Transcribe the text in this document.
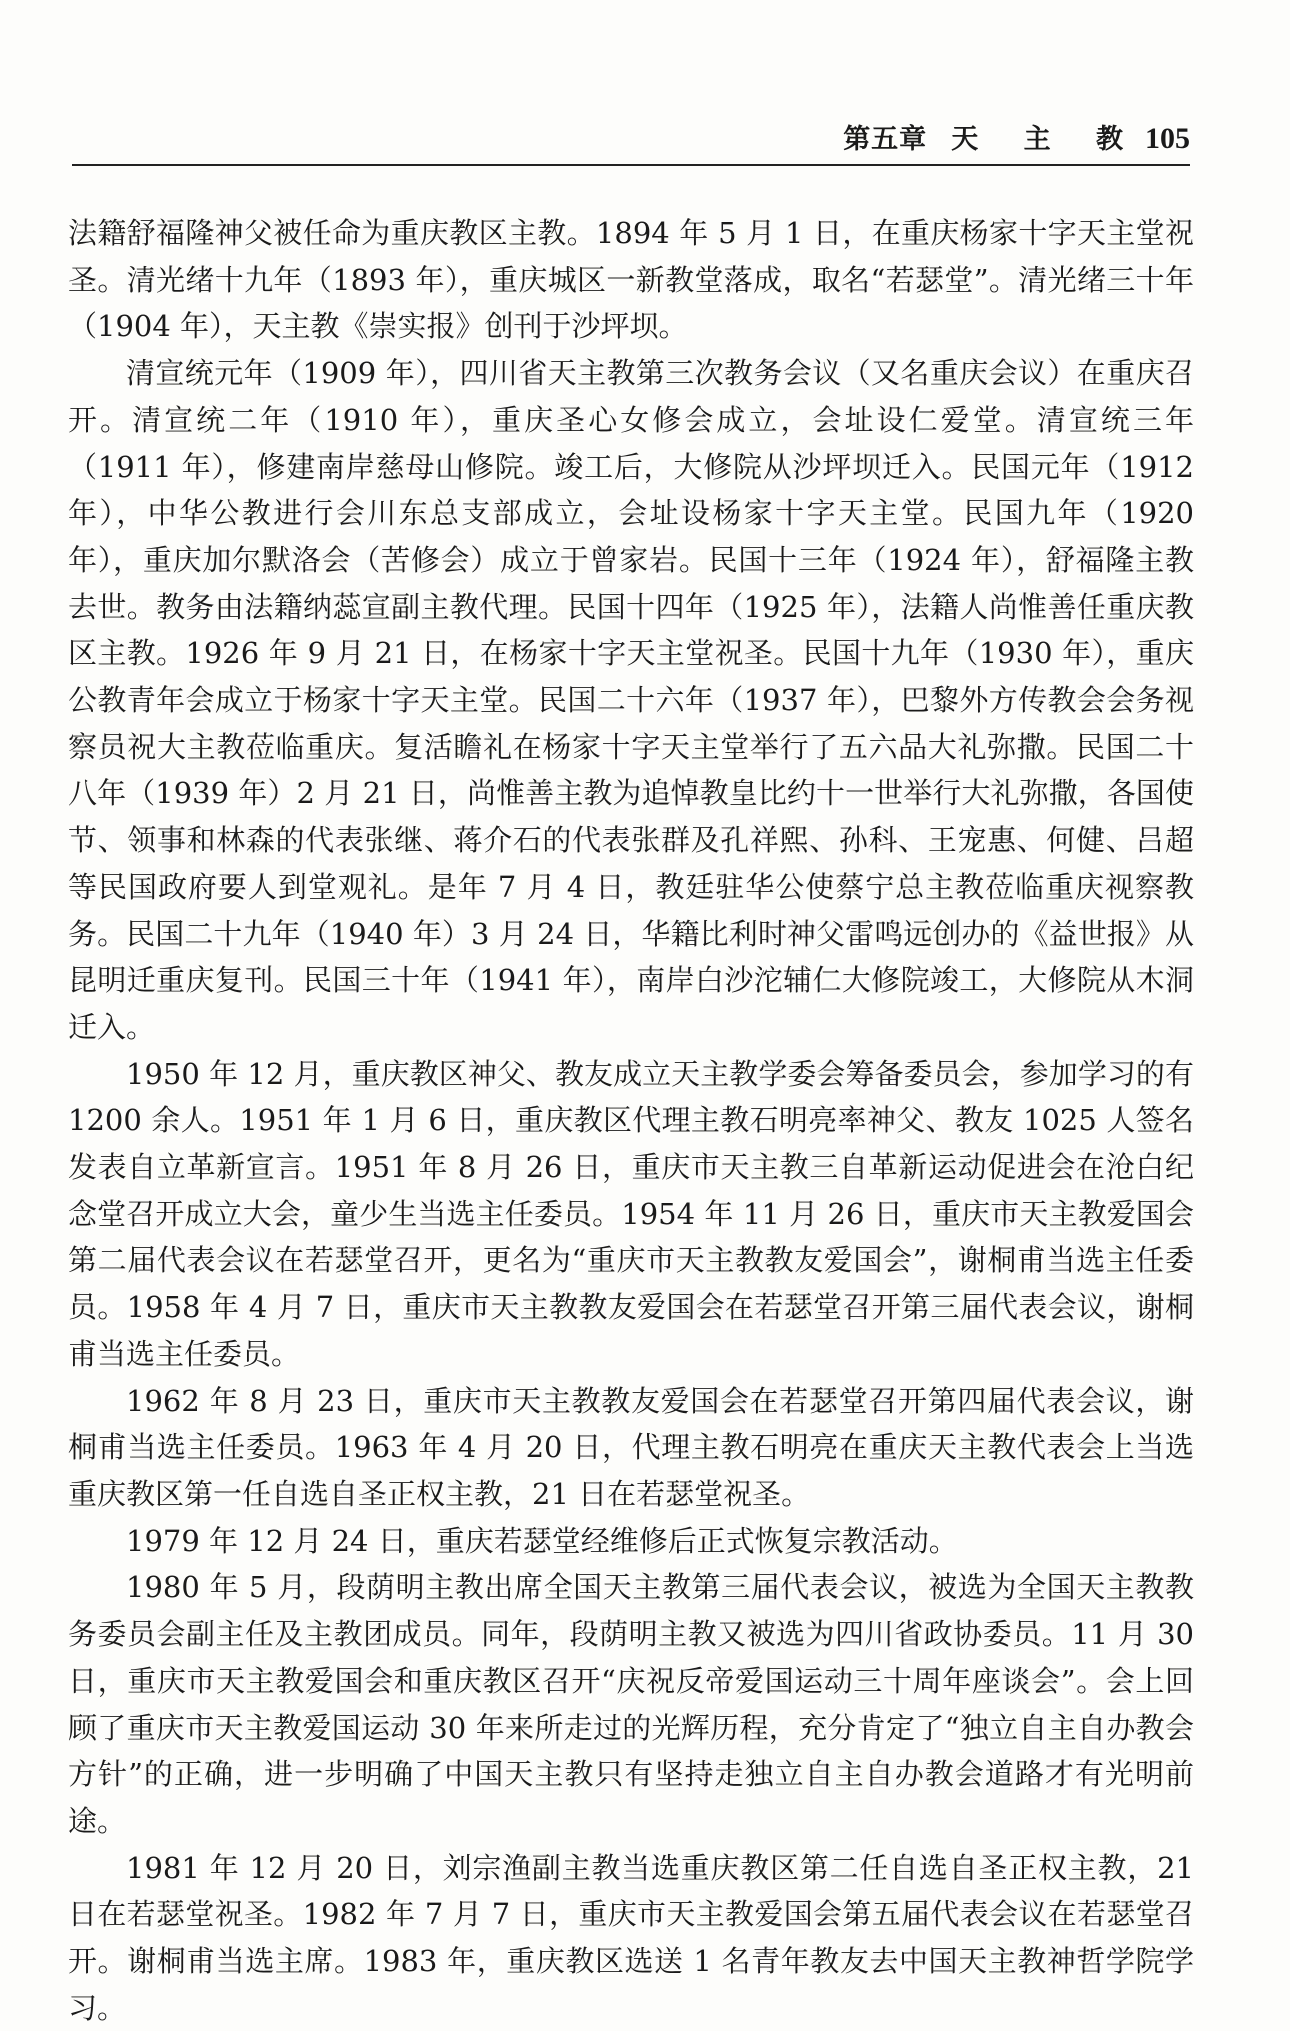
第五章 天 主 教 105

法籍舒福隆神父被任命为重庆教区主教。1894 年 5 月 1 日，在重庆杨家十字天主堂祝圣。清光绪十九年（1893 年），重庆城区一新教堂落成，取名“若瑟堂”。清光绪三十年（1904 年），天主教《崇实报》创刊于沙坪坝。

清宣统元年（1909 年），四川省天主教第三次教务会议（又名重庆会议）在重庆召开。清宣统二年（1910 年），重庆圣心女修会成立，会址设仁爱堂。清宣统三年（1911 年），修建南岸慈母山修院。竣工后，大修院从沙坪坝迁入。民国元年（1912 年），中华公教进行会川东总支部成立，会址设杨家十字天主堂。民国九年（1920 年），重庆加尔默洛会（苦修会）成立于曾家岩。民国十三年（1924 年），舒福隆主教去世。教务由法籍纳蕊宣副主教代理。民国十四年（1925 年），法籍人尚惟善任重庆教区主教。1926 年 9 月 21 日，在杨家十字天主堂祝圣。民国十九年（1930 年），重庆公教青年会成立于杨家十字天主堂。民国二十六年（1937 年），巴黎外方传教会会务视察员祝大主教莅临重庆。复活瞻礼在杨家十字天主堂举行了五六品大礼弥撒。民国二十八年（1939 年）2 月 21 日，尚惟善主教为追悼教皇比约十一世举行大礼弥撒，各国使节、领事和林森的代表张继、蒋介石的代表张群及孔祥熙、孙科、王宠惠、何健、吕超等民国政府要人到堂观礼。是年 7 月 4 日，教廷驻华公使蔡宁总主教莅临重庆视察教务。民国二十九年（1940 年）3 月 24 日，华籍比利时神父雷鸣远创办的《益世报》从昆明迁重庆复刊。民国三十年（1941 年），南岸白沙沱辅仁大修院竣工，大修院从木洞迁入。

1950 年 12 月，重庆教区神父、教友成立天主教学委会筹备委员会，参加学习的有 1200 余人。1951 年 1 月 6 日，重庆教区代理主教石明亮率神父、教友 1025 人签名发表自立革新宣言。1951 年 8 月 26 日，重庆市天主教三自革新运动促进会在沧白纪念堂召开成立大会，童少生当选主任委员。1954 年 11 月 26 日，重庆市天主教爱国会第二届代表会议在若瑟堂召开，更名为“重庆市天主教教友爱国会”，谢桐甫当选主任委员。1958 年 4 月 7 日，重庆市天主教教友爱国会在若瑟堂召开第三届代表会议，谢桐甫当选主任委员。

1962 年 8 月 23 日，重庆市天主教教友爱国会在若瑟堂召开第四届代表会议，谢桐甫当选主任委员。1963 年 4 月 20 日，代理主教石明亮在重庆天主教代表会上当选重庆教区第一任自选自圣正权主教，21 日在若瑟堂祝圣。

1979 年 12 月 24 日，重庆若瑟堂经维修后正式恢复宗教活动。

1980 年 5 月，段荫明主教出席全国天主教第三届代表会议，被选为全国天主教教务委员会副主任及主教团成员。同年，段荫明主教又被选为四川省政协委员。11 月 30 日，重庆市天主教爱国会和重庆教区召开“庆祝反帝爱国运动三十周年座谈会”。会上回顾了重庆市天主教爱国运动 30 年来所走过的光辉历程，充分肯定了“独立自主自办教会方针”的正确，进一步明确了中国天主教只有坚持走独立自主自办教会道路才有光明前途。

1981 年 12 月 20 日，刘宗渔副主教当选重庆教区第二任自选自圣正权主教，21 日在若瑟堂祝圣。1982 年 7 月 7 日，重庆市天主教爱国会第五届代表会议在若瑟堂召开。谢桐甫当选主席。1983 年，重庆教区选送 1 名青年教友去中国天主教神哲学院学习。
